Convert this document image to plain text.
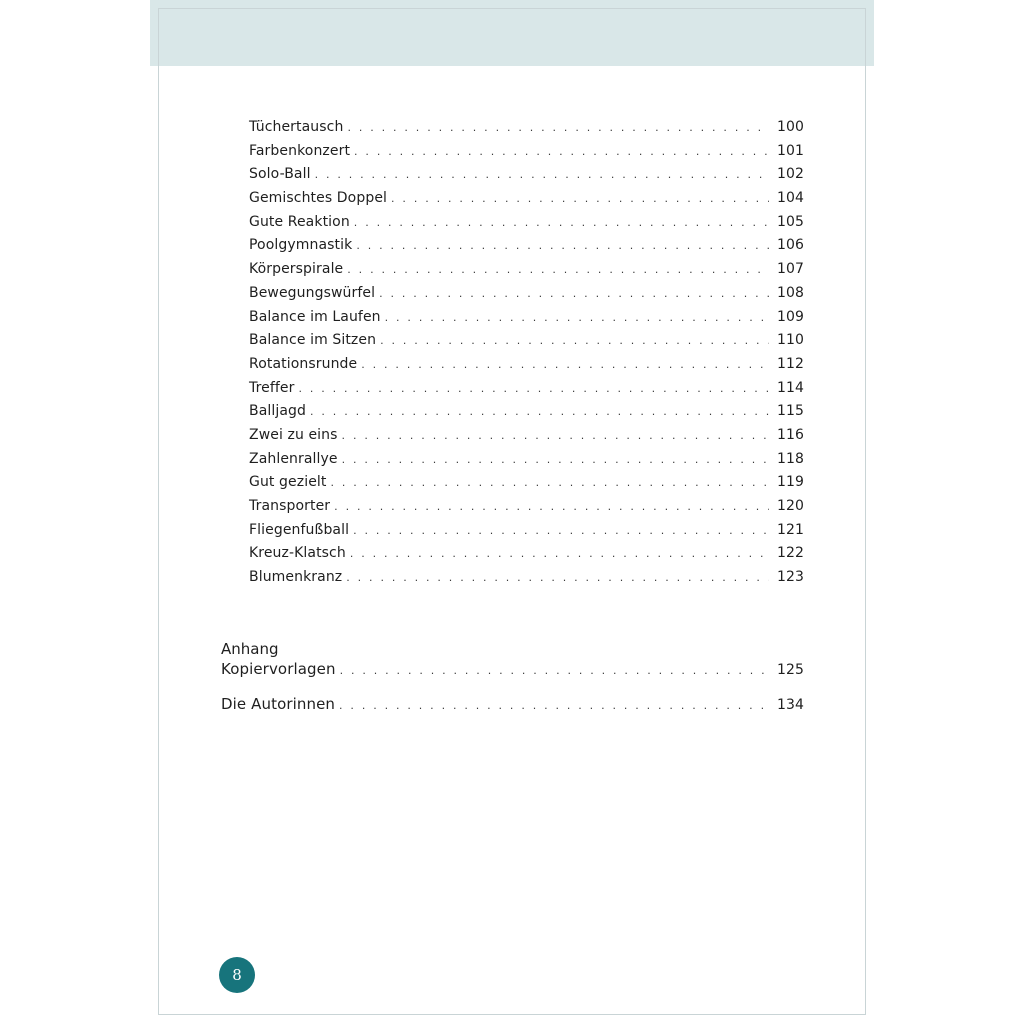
Tüchertausch . . .	100
Farbenkonzert . . .	101
Solo-Ball . . .	102
Gemischtes Doppel . . .	104
Gute Reaktion . . .	105
Poolgymnastik . . .	106
Körperspirale . . .	107
Bewegungswürfel . . .	108
Balance im Laufen . . .	109
Balance im Sitzen . . .	110
Rotationsrunde . . .	112
Treffer . . .	114
Balljagd . . .	115
Zwei zu eins . . .	116
Zahlenrallye . . .	118
Gut gezielt . . .	119
Transporter . . .	120
Fliegenfußball . . .	121
Kreuz-Klatsch . . .	122
Blumenkranz . . .	123
Anhang
Kopiervorlagen . . .	125
Die Autorinnen . . .	134
8
